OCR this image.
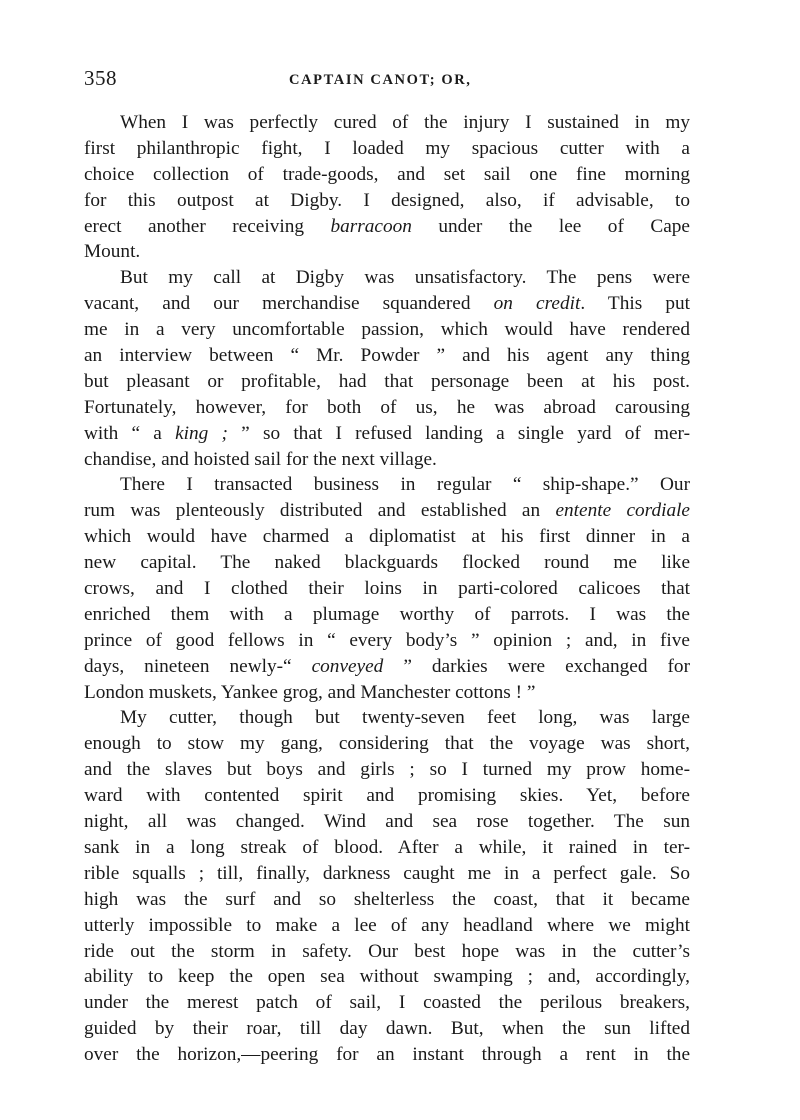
358	CAPTAIN CANOT; OR,
When I was perfectly cured of the injury I sustained in my
first philanthropic fight, I loaded my spacious cutter with a
choice collection of trade-goods, and set sail one fine morning
for this outpost at Digby. I designed, also, if advisable, to
erect another receiving barracoon under the lee of Cape
Mount.
But my call at Digby was unsatisfactory. The pens were
vacant, and our merchandise squandered on credit. This put
me in a very uncomfortable passion, which would have rendered
an interview between “ Mr. Powder ” and his agent any thing
but pleasant or profitable, had that personage been at his post.
Fortunately, however, for both of us, he was abroad carousing
with “ a king ; ” so that I refused landing a single yard of mer-
chandise, and hoisted sail for the next village.
There I transacted business in regular “ ship-shape.” Our
rum was plenteously distributed and established an entente cordiale
which would have charmed a diplomatist at his first dinner in a
new capital. The naked blackguards flocked round me like
crows, and I clothed their loins in parti-colored calicoes that
enriched them with a plumage worthy of parrots. I was the
prince of good fellows in “ every body’s ” opinion ; and, in five
days, nineteen newly-“ conveyed ” darkies were exchanged for
London muskets, Yankee grog, and Manchester cottons ! ”
My cutter, though but twenty-seven feet long, was large
enough to stow my gang, considering that the voyage was short,
and the slaves but boys and girls ; so I turned my prow home-
ward with contented spirit and promising skies. Yet, before
night, all was changed. Wind and sea rose together. The sun
sank in a long streak of blood. After a while, it rained in ter-
rible squalls ; till, finally, darkness caught me in a perfect gale. So
high was the surf and so shelterless the coast, that it became
utterly impossible to make a lee of any headland where we might
ride out the storm in safety. Our best hope was in the cutter’s
ability to keep the open sea without swamping ; and, accordingly,
under the merest patch of sail, I coasted the perilous breakers,
guided by their roar, till day dawn. But, when the sun lifted
over the horizon,—peering for an instant through a rent in the
